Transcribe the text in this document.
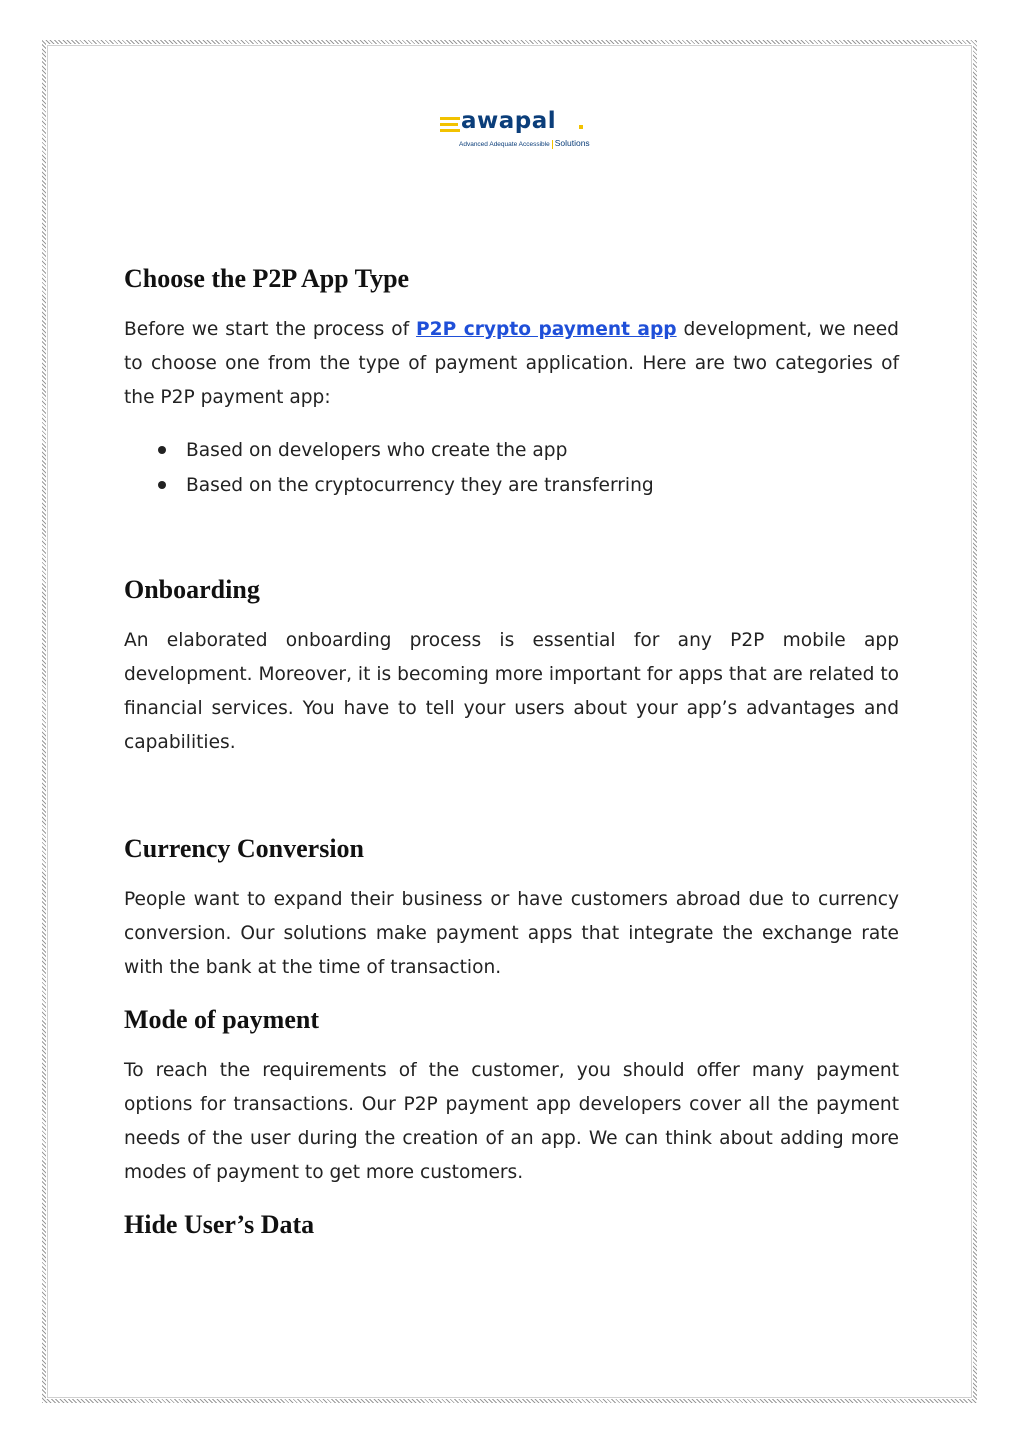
awapal
Advanced Adequate Accessible Solutions
Choose the P2P App Type

Before we start the process of P2P crypto payment app development, we need to choose one from the type of payment application. Here are two categories of the P2P payment app:

Based on developers who create the app
Based on the cryptocurrency they are transferring
Onboarding

An elaborated onboarding process is essential for any P2P mobile app development. Moreover, it is becoming more important for apps that are related to financial services. You have to tell your users about your app’s advantages and capabilities.

Currency Conversion

People want to expand their business or have customers abroad due to currency conversion. Our solutions make payment apps that integrate the exchange rate with the bank at the time of transaction.

Mode of payment

To reach the requirements of the customer, you should offer many payment options for transactions. Our P2P payment app developers cover all the payment needs of the user during the creation of an app. We can think about adding more modes of payment to get more customers.

Hide User’s Data
